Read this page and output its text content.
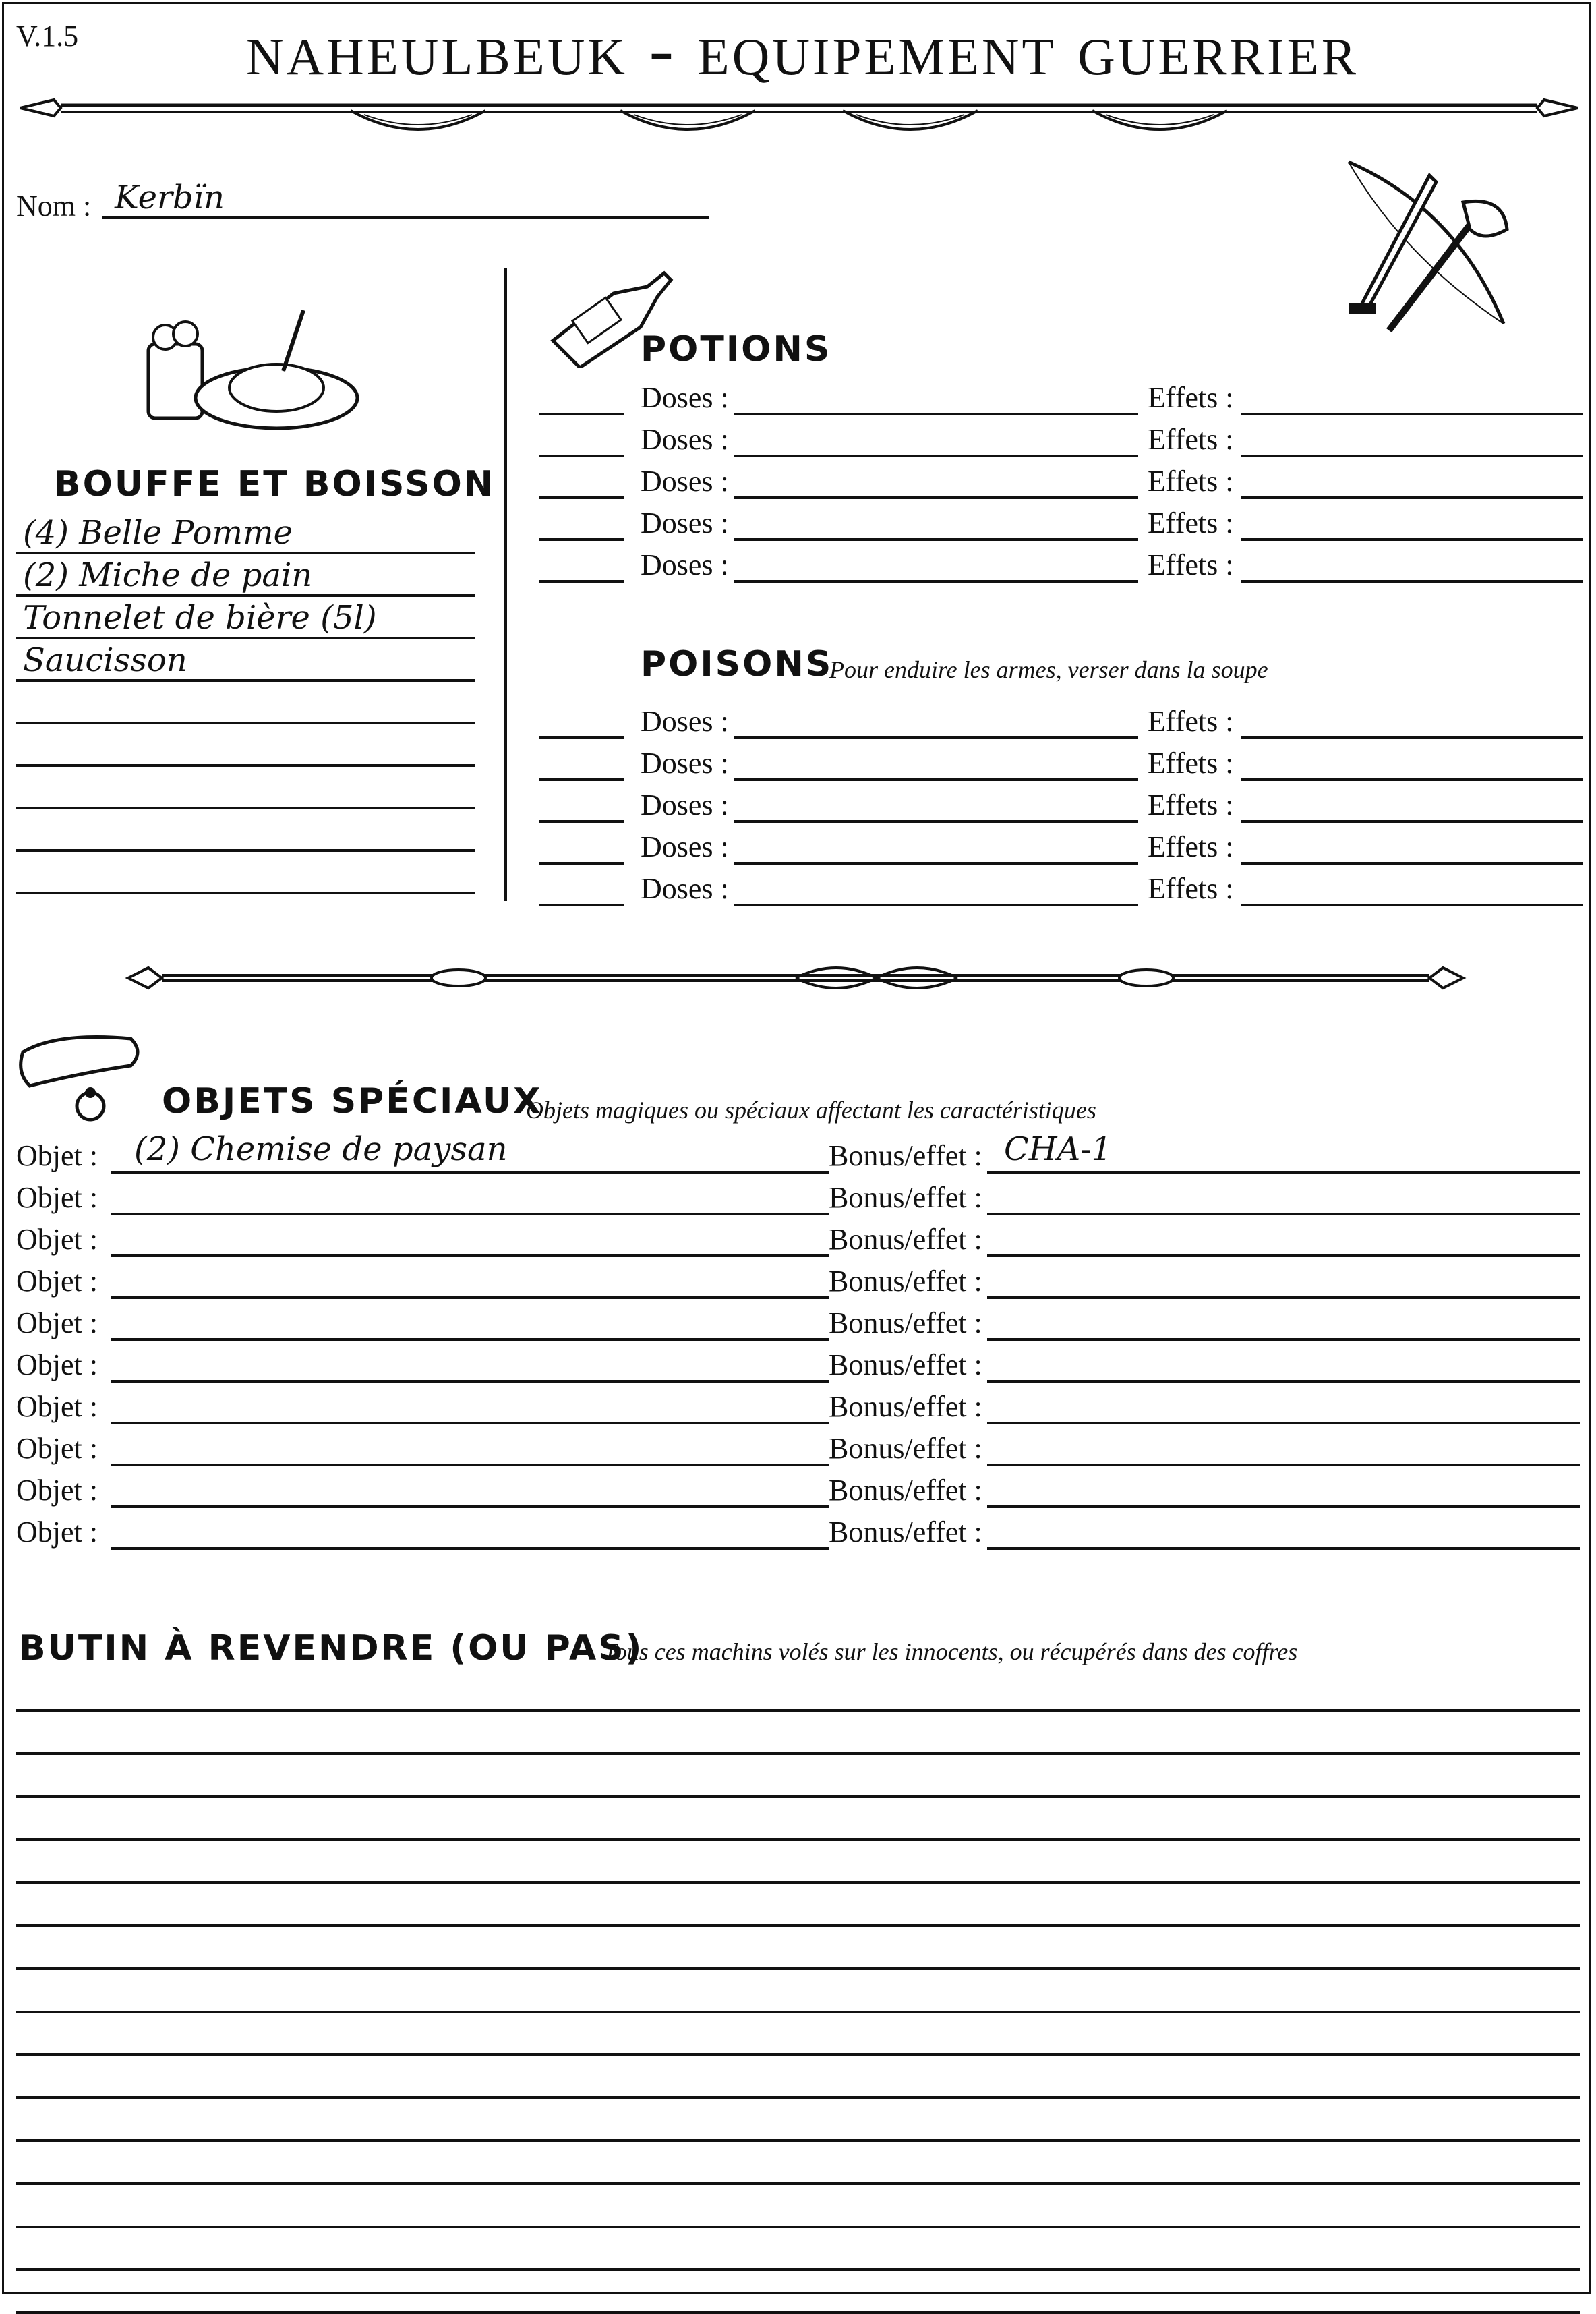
V.1.5	naheulbeuk - equipement guerrier
Nom : Kerbïn
BOUFFE ET BOISSON
(4) Belle Pomme
(2) Miche de pain
Tonnelet de bière (5l)
Saucisson
POTIONS
Doses :	Effets :
Doses :	Effets :
Doses :	Effets :
Doses :	Effets :
Doses :	Effets :
POISONS
Pour enduire les armes, verser dans la soupe
Doses :	Effets :
Doses :	Effets :
Doses :	Effets :
Doses :	Effets :
Doses :	Effets :
OBJETS SPÉCIAUX
Objets magiques ou spéciaux affectant les caractéristiques
Objet : (2) Chemise de paysan	Bonus/effet : CHA-1
Objet :	Bonus/effet :
Objet :	Bonus/effet :
Objet :	Bonus/effet :
Objet :	Bonus/effet :
Objet :	Bonus/effet :
Objet :	Bonus/effet :
Objet :	Bonus/effet :
Objet :	Bonus/effet :
Objet :	Bonus/effet :
BUTIN À REVENDRE (OU PAS)
Tous ces machins volés sur les innocents, ou récupérés dans des coffres
